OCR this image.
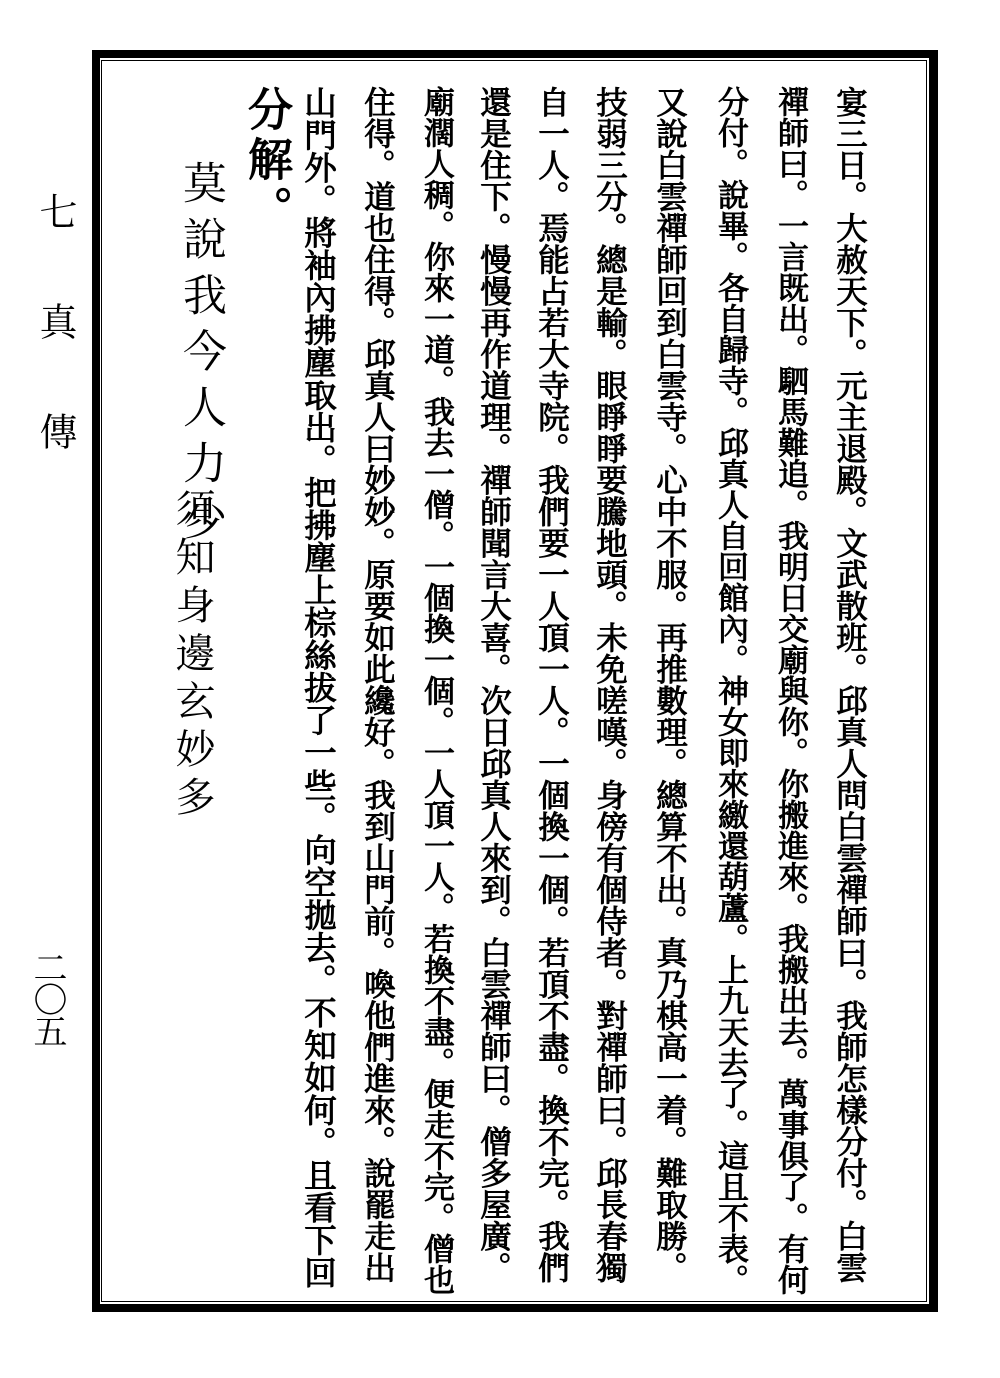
七真傳
二〇五	宴三日。大赦天下。元主退殿。文武散班。邱真人問白雲禪師曰。我師怎樣分付。白雲
禪師曰。一言既出。駟馬難追。我明日交廟與你。你搬進來。我搬出去。萬事俱了。有何
分付。說畢。各自歸寺。邱真人自回館內。神女即來繳還葫蘆。上九天去了。這且不表。
又說白雲禪師回到白雲寺。心中不服。再推數理。總算不出。真乃棋高一着。難取勝。
技弱三分。總是輸。眼睜睜要騰地頭。未免嗟嘆。身傍有個侍者。對禪師曰。邱長春獨
自一人。焉能占若大寺院。我們要一人頂一人。一個換一個。若頂不盡。換不完。我們
還是住下。慢慢再作道理。禪師聞言大喜。次日邱真人來到。白雲禪師曰。僧多屋廣。
廟濶人稠。你來一道。我去一僧。一個換一個。一人頂一人。若換不盡。便走不完。僧也
住得。道也住得。邱真人曰妙妙。原要如此纔好。我到山門前。喚他們進來。說罷走出
山門外。將袖內拂塵取出。把拂塵上棕絲拔了一些。向空拋去。不知如何。且看下回
分解。
莫說我今人力少
須知身邊玄妙多
